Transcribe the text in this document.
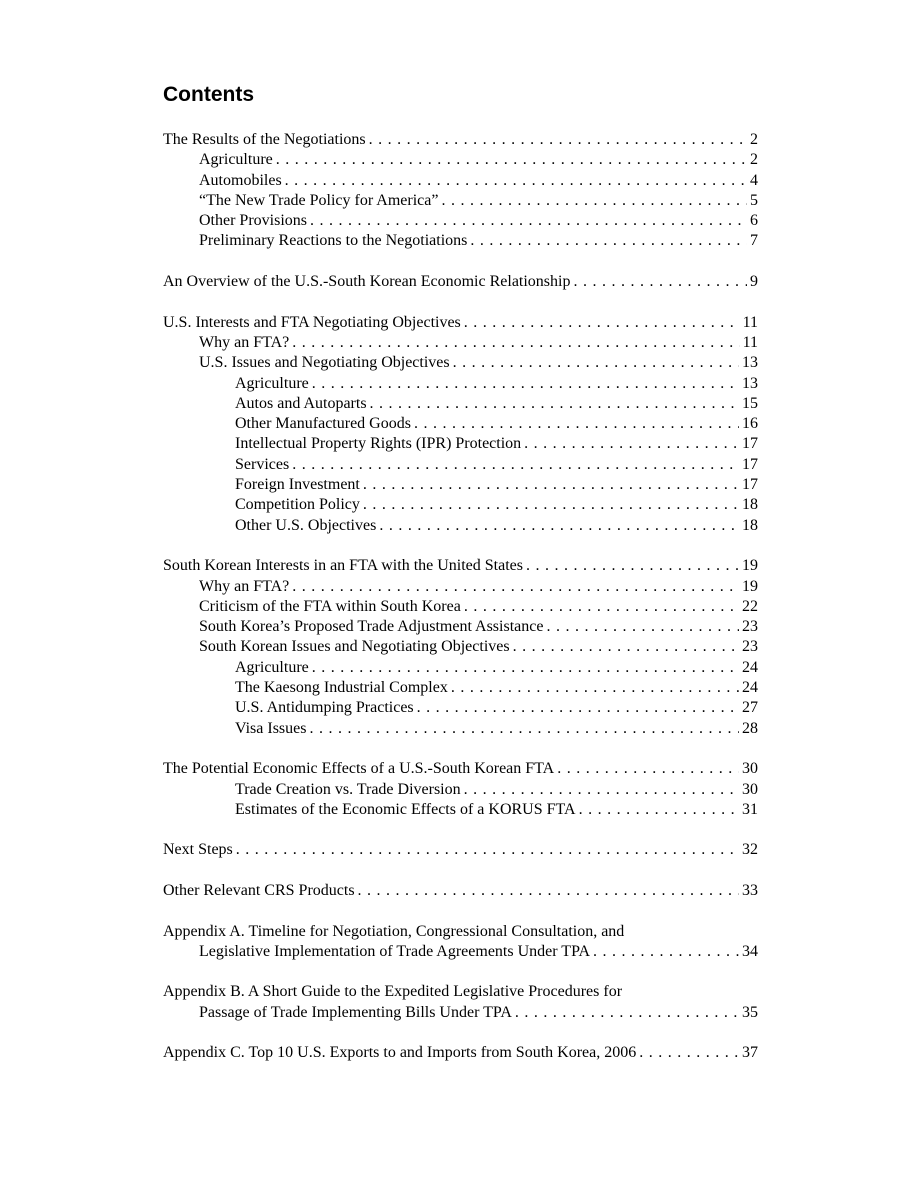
Contents
The Results of the Negotiations . . .	2
Agriculture . . .	2
Automobiles . . .	4
“The New Trade Policy for America” . . .	5
Other Provisions . . .	6
Preliminary Reactions to the Negotiations . . .	7
An Overview of the U.S.-South Korean Economic Relationship . . .	9
U.S. Interests and FTA Negotiating Objectives . . .	11
Why an FTA? . . .	11
U.S. Issues and Negotiating Objectives . . .	13
Agriculture . . .	13
Autos and Autoparts . . .	15
Other Manufactured Goods . . .	16
Intellectual Property Rights (IPR) Protection . . .	17
Services . . .	17
Foreign Investment . . .	17
Competition Policy . . .	18
Other U.S. Objectives . . .	18
South Korean Interests in an FTA with the United States . . .	19
Why an FTA? . . .	19
Criticism of the FTA within South Korea . . .	22
South Korea’s Proposed Trade Adjustment Assistance . . .	23
South Korean Issues and Negotiating Objectives . . .	23
Agriculture . . .	24
The Kaesong Industrial Complex . . .	24
U.S. Antidumping Practices . . .	27
Visa Issues . . .	28
The Potential Economic Effects of a U.S.-South Korean FTA . . .	30
Trade Creation vs. Trade Diversion . . .	30
Estimates of the Economic Effects of a KORUS FTA . . .	31
Next Steps . . .	32
Other Relevant CRS Products . . .	33
Appendix A. Timeline for Negotiation, Congressional Consultation, and
Legislative Implementation of Trade Agreements Under TPA . . .	34
Appendix B. A Short Guide to the Expedited Legislative Procedures for
Passage of Trade Implementing Bills Under TPA . . .	35
Appendix C. Top 10 U.S. Exports to and Imports from South Korea, 2006 . . .	37
